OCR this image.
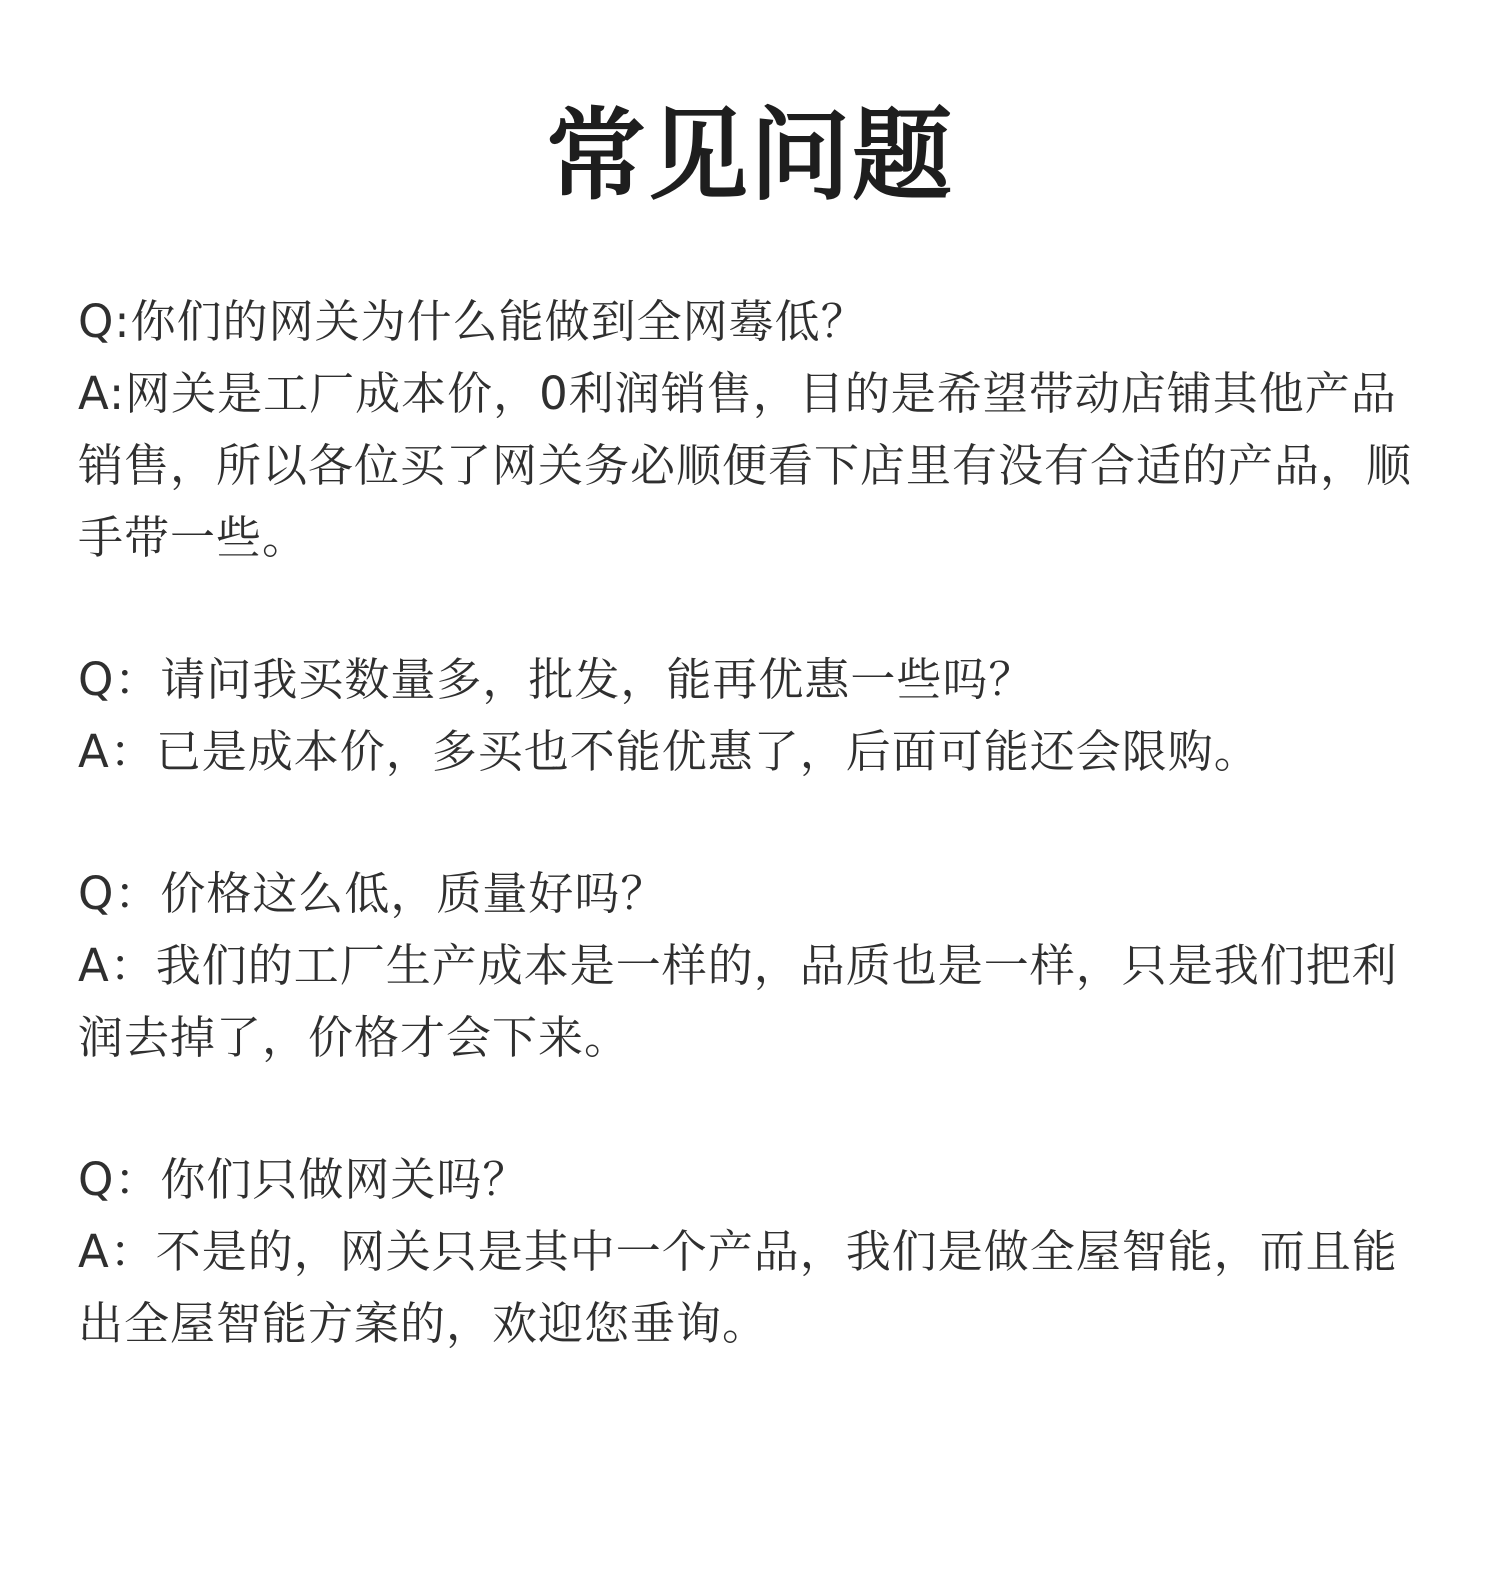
常见问题
Q:你们的网关为什么能做到全网蓦低？
A:网关是工厂成本价，0利润销售，目的是希望带动店铺其他产品销售，所以各位买了网关务必顺便看下店里有没有合适的产品，顺手带一些。
Q：请问我买数量多，批发，能再优惠一些吗？
A：已是成本价，多买也不能优惠了，后面可能还会限购。
Q：价格这么低，质量好吗？
A：我们的工厂生产成本是一样的，品质也是一样，只是我们把利润去掉了，价格才会下来。
Q：你们只做网关吗？
A：不是的，网关只是其中一个产品，我们是做全屋智能，而且能出全屋智能方案的，欢迎您垂询。
